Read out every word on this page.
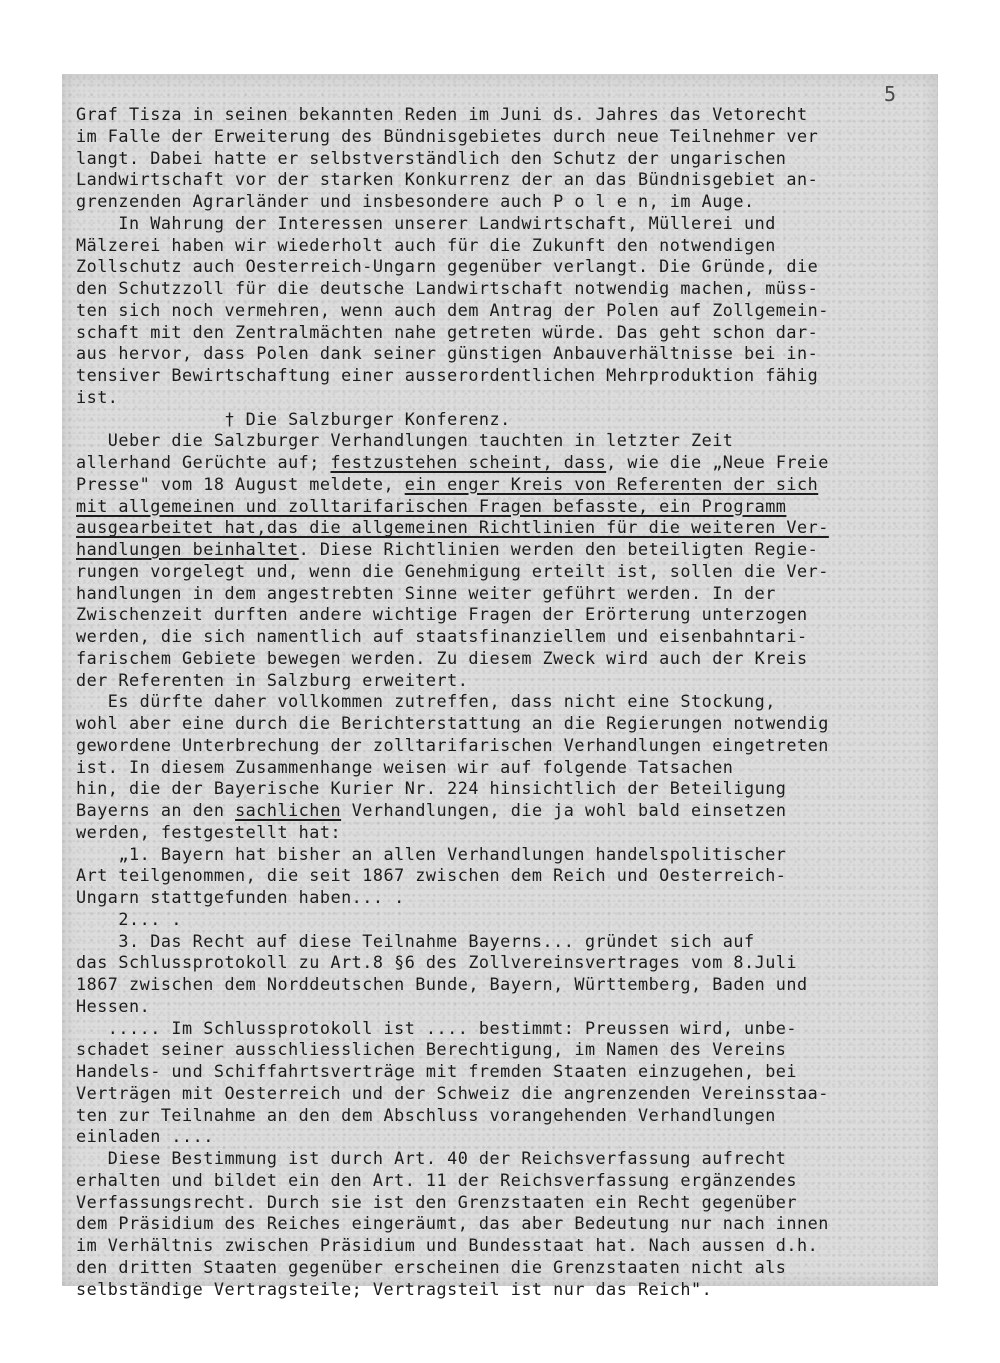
5
Graf Tisza in seinen bekannten Reden im Juni ds. Jahres das Vetorecht
im Falle der Erweiterung des Bündnisgebietes durch neue Teilnehmer ver
langt. Dabei hatte er selbstverständlich den Schutz der ungarischen
Landwirtschaft vor der starken Konkurrenz der an das Bündnisgebiet an-
grenzenden Agrarländer und insbesondere auch P o l e n, im Auge.
In Wahrung der Interessen unserer Landwirtschaft, Müllerei und
Mälzerei haben wir wiederholt auch für die Zukunft den notwendigen
Zollschutz auch Oesterreich-Ungarn gegenüber verlangt. Die Gründe, die
den Schutzzoll für die deutsche Landwirtschaft notwendig machen, müss-
ten sich noch vermehren, wenn auch dem Antrag der Polen auf Zollgemein-
schaft mit den Zentralmächten nahe getreten würde. Das geht schon dar-
aus hervor, dass Polen dank seiner günstigen Anbauverhältnisse bei in-
tensiver Bewirtschaftung einer ausserordentlichen Mehrproduktion fähig
ist.
† Die Salzburger Konferenz.
Ueber die Salzburger Verhandlungen tauchten in letzter Zeit
allerhand Gerüchte auf; festzustehen scheint, dass, wie die „Neue Freie
Presse" vom 18 August meldete, ein enger Kreis von Referenten der sich
mit allgemeinen und zolltarifarischen Fragen befasste, ein Programm
ausgearbeitet hat,das die allgemeinen Richtlinien für die weiteren Ver-
handlungen beinhaltet. Diese Richtlinien werden den beteiligten Regie-
rungen vorgelegt und, wenn die Genehmigung erteilt ist, sollen die Ver-
handlungen in dem angestrebten Sinne weiter geführt werden. In der
Zwischenzeit durften andere wichtige Fragen der Erörterung unterzogen
werden, die sich namentlich auf staatsfinanziellem und eisenbahntari-
farischem Gebiete bewegen werden. Zu diesem Zweck wird auch der Kreis
der Referenten in Salzburg erweitert.
Es dürfte daher vollkommen zutreffen, dass nicht eine Stockung,
wohl aber eine durch die Berichterstattung an die Regierungen notwendig
gewordene Unterbrechung der zolltarifarischen Verhandlungen eingetreten
ist. In diesem Zusammenhange weisen wir auf folgende Tatsachen
hin, die der Bayerische Kurier Nr. 224 hinsichtlich der Beteiligung
Bayerns an den sachlichen Verhandlungen, die ja wohl bald einsetzen
werden, festgestellt hat:
„1. Bayern hat bisher an allen Verhandlungen handelspolitischer
Art teilgenommen, die seit 1867 zwischen dem Reich und Oesterreich-
Ungarn stattgefunden haben... .
2... .
3. Das Recht auf diese Teilnahme Bayerns... gründet sich auf
das Schlussprotokoll zu Art.8 §6 des Zollvereinsvertrages vom 8.Juli
1867 zwischen dem Norddeutschen Bunde, Bayern, Württemberg, Baden und
Hessen.
..... Im Schlussprotokoll ist .... bestimmt: Preussen wird, unbe-
schadet seiner ausschliesslichen Berechtigung, im Namen des Vereins
Handels- und Schiffahrtsverträge mit fremden Staaten einzugehen, bei
Verträgen mit Oesterreich und der Schweiz die angrenzenden Vereinsstaa-
ten zur Teilnahme an den dem Abschluss vorangehenden Verhandlungen
einladen ....
Diese Bestimmung ist durch Art. 40 der Reichsverfassung aufrecht
erhalten und bildet ein den Art. 11 der Reichsverfassung ergänzendes
Verfassungsrecht. Durch sie ist den Grenzstaaten ein Recht gegenüber
dem Präsidium des Reiches eingeräumt, das aber Bedeutung nur nach innen
im Verhältnis zwischen Präsidium und Bundesstaat hat. Nach aussen d.h.
den dritten Staaten gegenüber erscheinen die Grenzstaaten nicht als
selbständige Vertragsteile; Vertragsteil ist nur das Reich".
